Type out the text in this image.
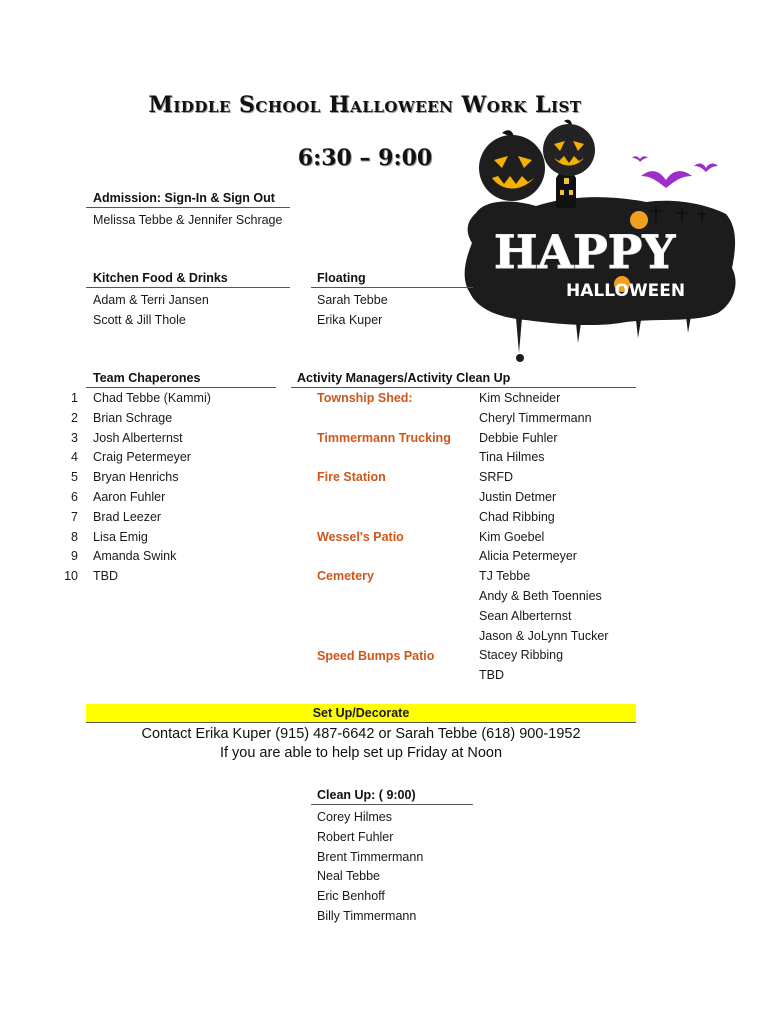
Middle School Halloween Work List
6:30 – 9:00
HAPPY
HALLOWEEN
Admission: Sign-In & Sign Out
Melissa Tebbe & Jennifer Schrage
Kitchen Food & Drinks
Adam & Terri Jansen
Scott & Jill Thole
Floating
Sarah Tebbe
Erika Kuper
Team Chaperones
1 Chad Tebbe (Kammi)
2 Brian Schrage
3 Josh Alberternst
4 Craig Petermeyer
5 Bryan Henrichs
6 Aaron Fuhler
7 Brad Leezer
8 Lisa Emig
9 Amanda Swink
10 TBD
Activity Managers/Activity Clean Up
Township Shed:
Timmermann Trucking
Fire Station
Wessel's Patio
Cemetery
Speed Bumps Patio
Kim Schneider
Cheryl Timmermann
Debbie Fuhler
Tina Hilmes
SRFD
Justin Detmer
Chad Ribbing
Kim Goebel
Alicia Petermeyer
TJ Tebbe
Andy & Beth Toennies
Sean Alberternst
Jason & JoLynn Tucker
Stacey Ribbing
TBD
Set Up/Decorate
Contact Erika Kuper (915) 487-6642 or Sarah Tebbe (618) 900-1952
If you are able to help set up Friday at Noon
Clean Up: ( 9:00)
Corey Hilmes
Robert Fuhler
Brent Timmermann
Neal Tebbe
Eric Benhoff
Billy Timmermann
